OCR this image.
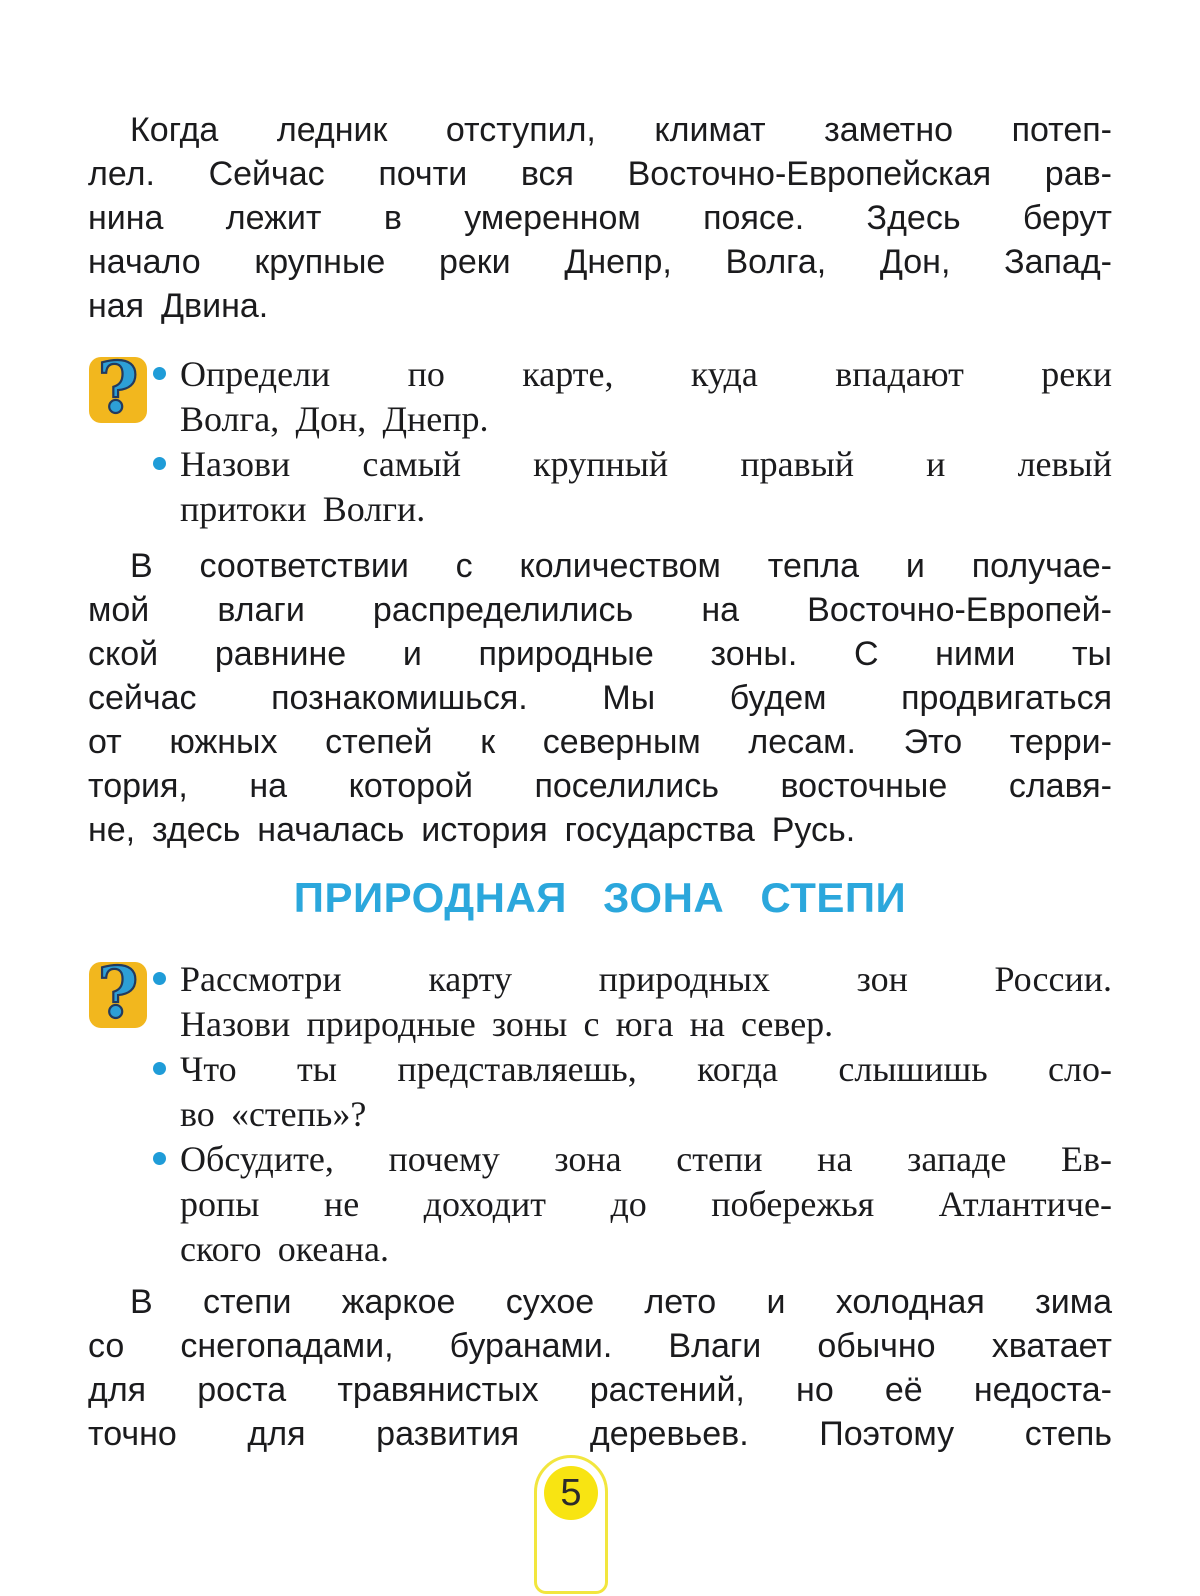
Когда ледник отступил, климат заметно потеп-
лел. Сейчас почти вся Восточно-Европейская рав-
нина лежит в умеренном поясе. Здесь берут
начало крупные реки Днепр, Волга, Дон, Запад-
ная Двина.

? Определи по карте, куда впадают реки
Волга, Дон, Днепр.
Назови самый крупный правый и левый
притоки Волги.

В соответствии с количеством тепла и получае-
мой влаги распределились на Восточно-Европей-
ской равнине и природные зоны. С ними ты
сейчас познакомишься. Мы будем продвигаться
от южных степей к северным лесам. Это терри-
тория, на которой поселились восточные славя-
не, здесь началась история государства Русь.

ПРИРОДНАЯ ЗОНА СТЕПИ
? Рассмотри карту природных зон России.
Назови природные зоны с юга на север.
Что ты представляешь, когда слышишь сло-
во «степь»?
Обсудите, почему зона степи на западе Ев-
ропы не доходит до побережья Атлантиче-
ского океана.

В степи жаркое сухое лето и холодная зима
со снегопадами, буранами. Влаги обычно хватает
для роста травянистых растений, но её недоста-
точно для развития деревьев. Поэтому степь

5
